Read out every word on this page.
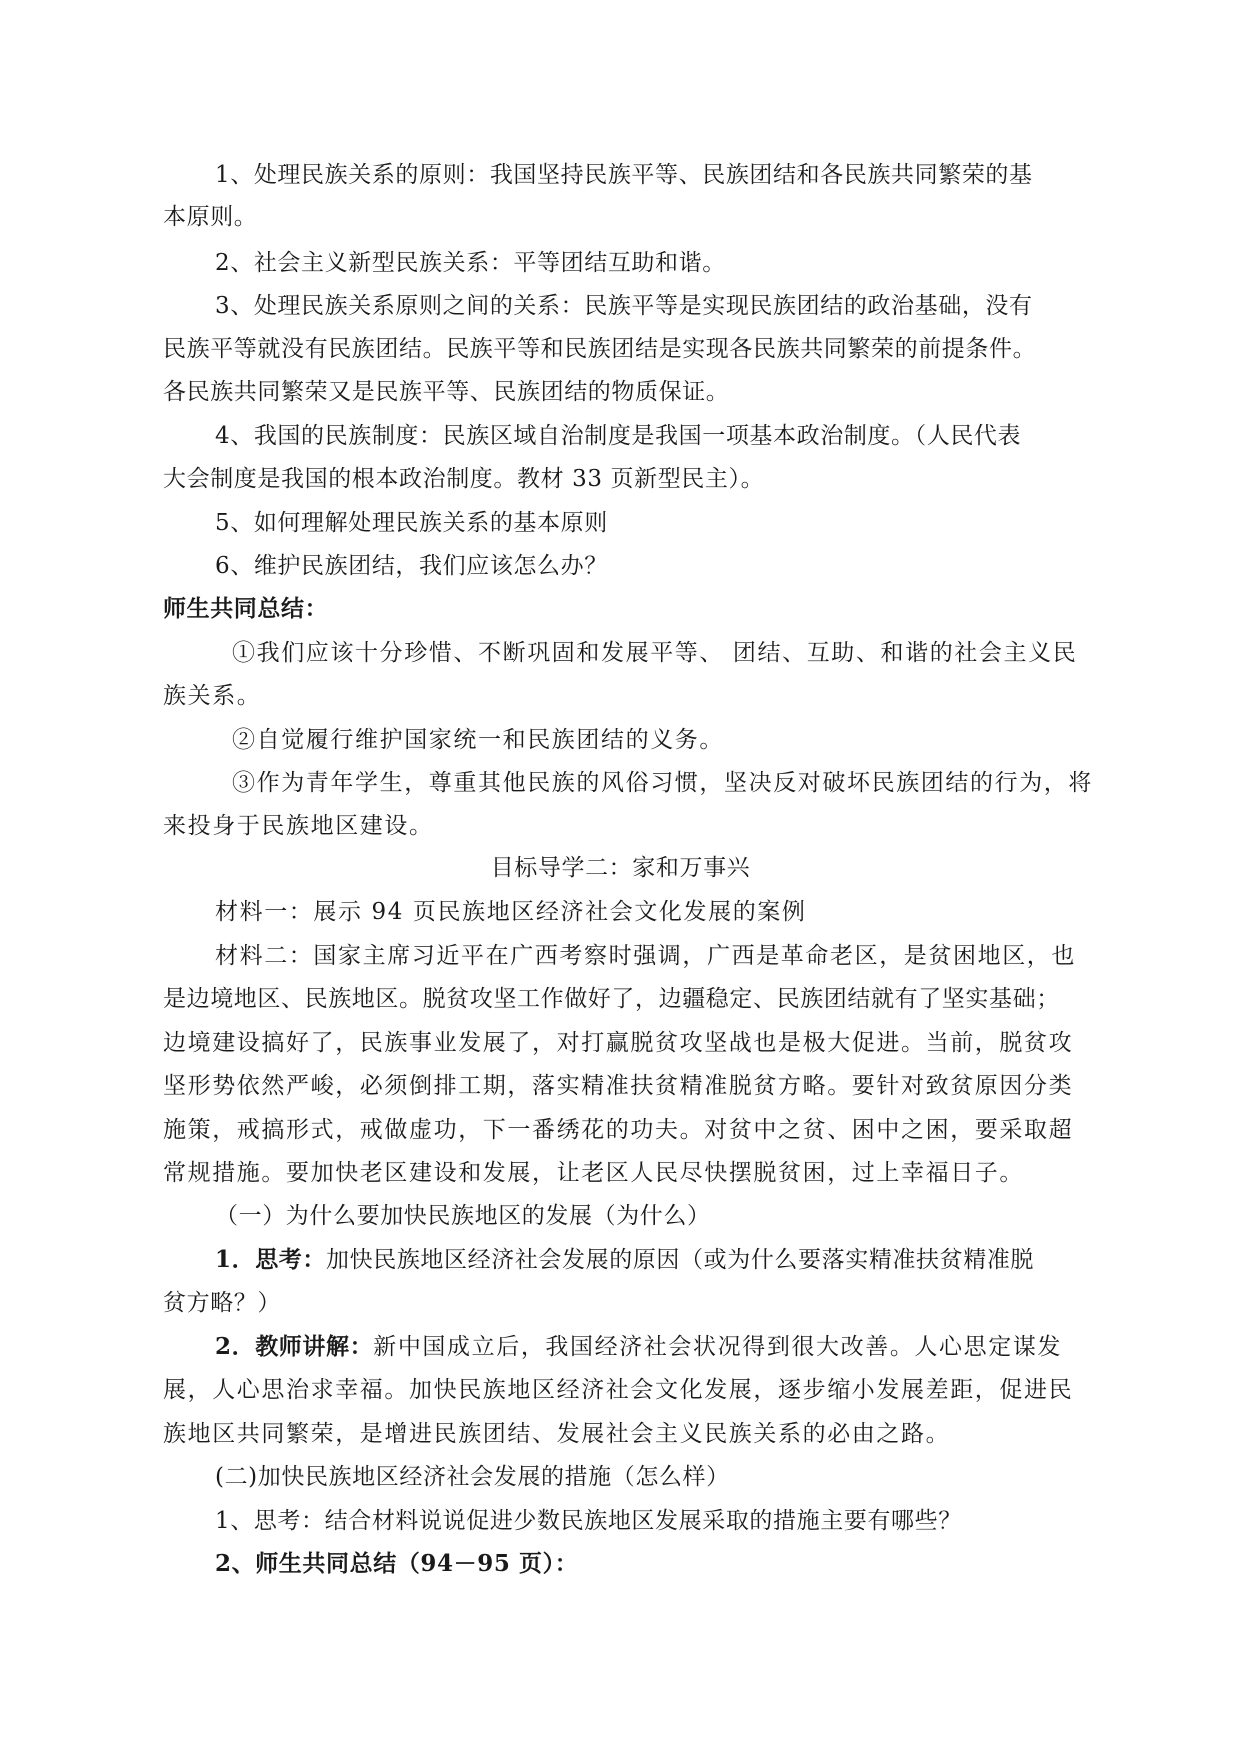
1、处理民族关系的原则：我国坚持民族平等、民族团结和各民族共同繁荣的基
本原则。
2、社会主义新型民族关系：平等团结互助和谐。
3、处理民族关系原则之间的关系：民族平等是实现民族团结的政治基础，没有
民族平等就没有民族团结。民族平等和民族团结是实现各民族共同繁荣的前提条件。
各民族共同繁荣又是民族平等、民族团结的物质保证。
4、我国的民族制度：民族区域自治制度是我国一项基本政治制度。（人民代表
大会制度是我国的根本政治制度。教材 33 页新型民主）。
5、如何理解处理民族关系的基本原则
6、维护民族团结，我们应该怎么办？
师生共同总结：
①我们应该十分珍惜、不断巩固和发展平等、 团结、互助、和谐的社会主义民
族关系。
②自觉履行维护国家统一和民族团结的义务。
③作为青年学生，尊重其他民族的风俗习惯，坚决反对破坏民族团结的行为，将
来投身于民族地区建设。
目标导学二：家和万事兴
材料一：展示 94 页民族地区经济社会文化发展的案例
材料二：国家主席习近平在广西考察时强调，广西是革命老区，是贫困地区，也
是边境地区、民族地区。脱贫攻坚工作做好了，边疆稳定、民族团结就有了坚实基础；
边境建设搞好了，民族事业发展了，对打赢脱贫攻坚战也是极大促进。当前，脱贫攻
坚形势依然严峻，必须倒排工期，落实精准扶贫精准脱贫方略。要针对致贫原因分类
施策，戒搞形式，戒做虚功，下一番绣花的功夫。对贫中之贫、困中之困，要采取超
常规措施。要加快老区建设和发展，让老区人民尽快摆脱贫困，过上幸福日子。
（一）为什么要加快民族地区的发展（为什么）
1．思考：加快民族地区经济社会发展的原因（或为什么要落实精准扶贫精准脱
贫方略？）
2．教师讲解：新中国成立后，我国经济社会状况得到很大改善。人心思定谋发
展，人心思治求幸福。加快民族地区经济社会文化发展，逐步缩小发展差距，促进民
族地区共同繁荣，是增进民族团结、发展社会主义民族关系的必由之路。
(二)加快民族地区经济社会发展的措施（怎么样）
1、思考：结合材料说说促进少数民族地区发展采取的措施主要有哪些？
2、师生共同总结（94－95 页）：
